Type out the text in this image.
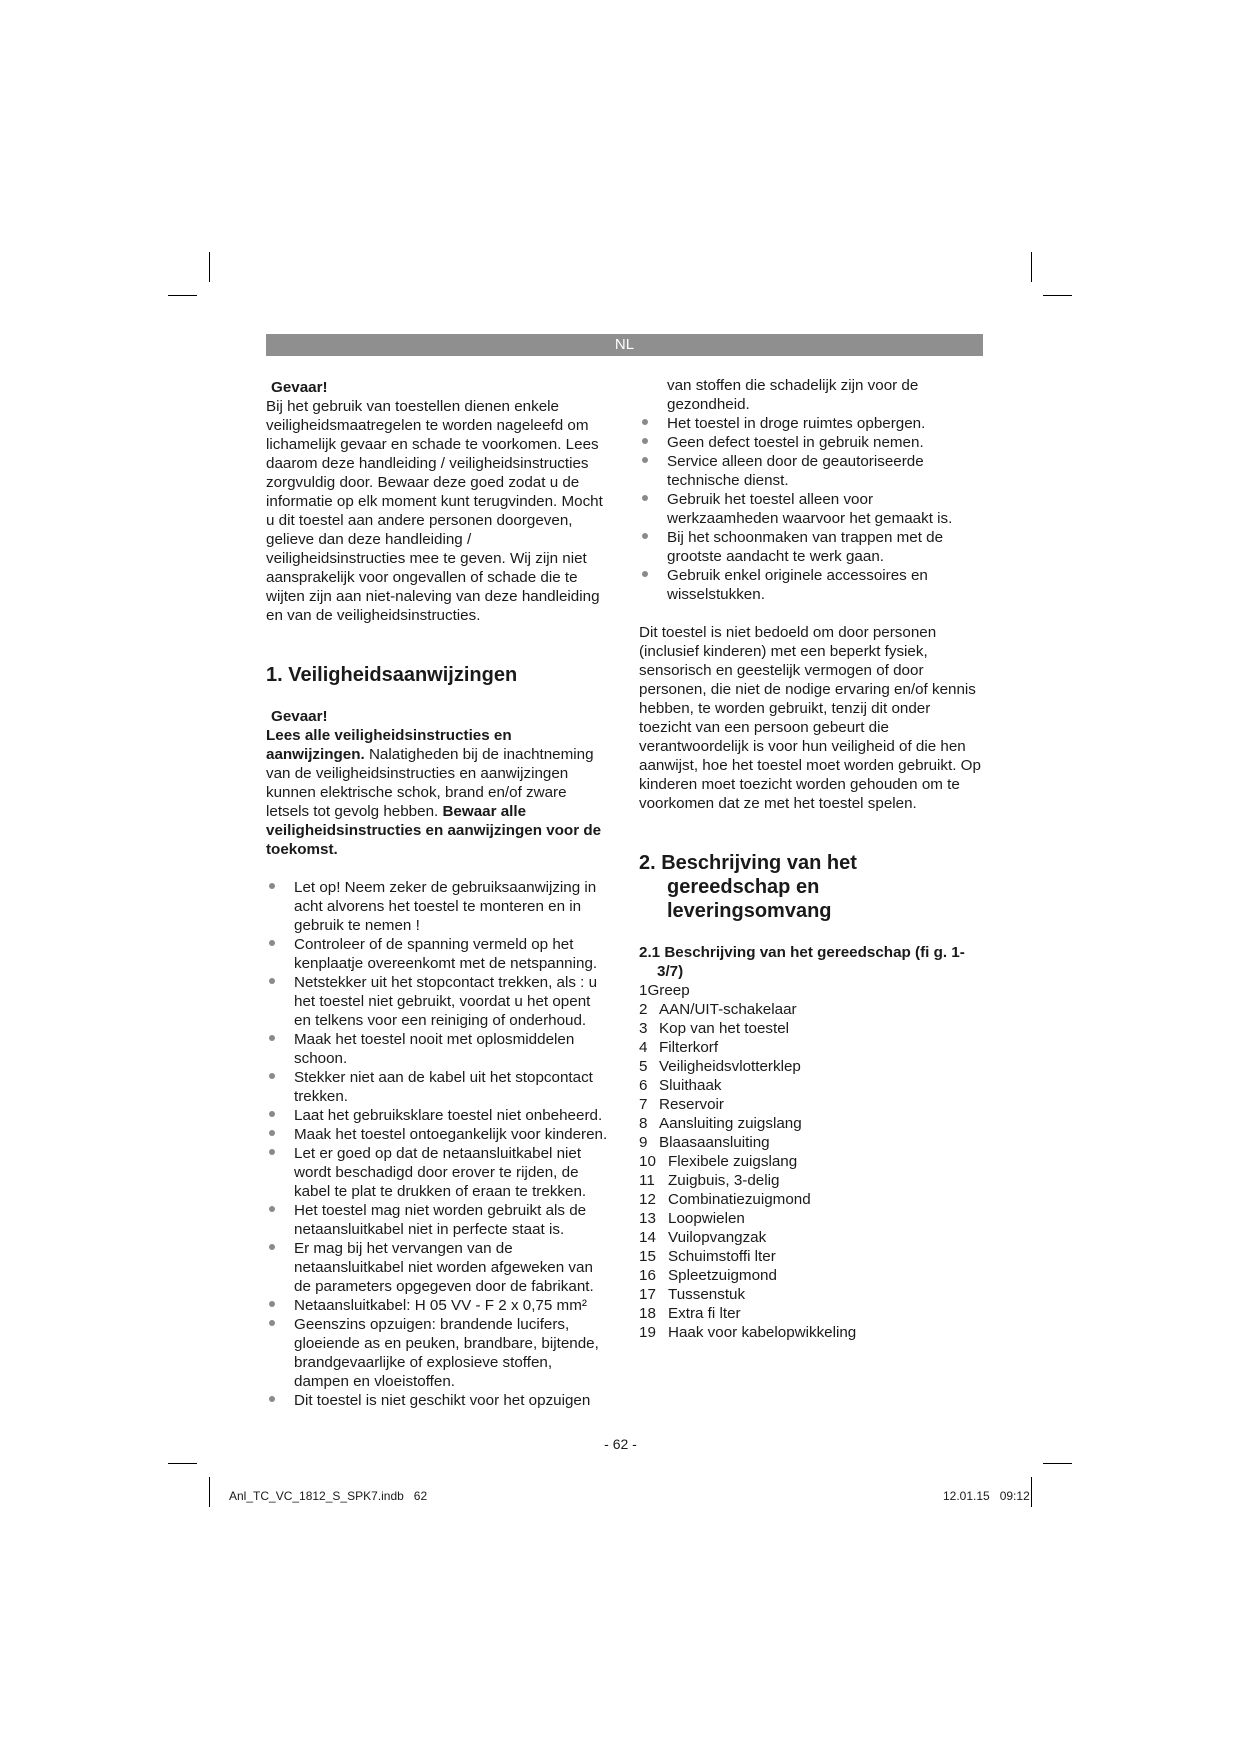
NL

Gevaar!

Bij het gebruik van toestellen dienen enkele veiligheidsmaatregelen te worden nageleefd om lichamelijk gevaar en schade te voorkomen. Lees daarom deze handleiding / veiligheidsinstructies zorgvuldig door. Bewaar deze goed zodat u de informatie op elk moment kunt terugvinden. Mocht u dit toestel aan andere personen doorgeven, gelieve dan deze handleiding / veiligheidsinstructies mee te geven. Wij zijn niet aansprakelijk voor ongevallen of schade die te wijten zijn aan niet-naleving van deze handleiding en van de veiligheidsinstructies.

1. Veiligheidsaanwijzingen

Gevaar!

Lees alle veiligheidsinstructies en aanwijzingen. Nalatigheden bij de inachtneming van de veiligheidsinstructies en aanwijzingen kunnen elektrische schok, brand en/of zware letsels tot gevolg hebben. Bewaar alle veiligheidsinstructies en aanwijzingen voor de toekomst.

Let op! Neem zeker de gebruiksaanwijzing in acht alvorens het toestel te monteren en in gebruik te nemen !
Controleer of de spanning vermeld op het kenplaatje overeenkomt met de netspanning.
Netstekker uit het stopcontact trekken, als : u het toestel niet gebruikt, voordat u het opent en telkens voor een reiniging of onderhoud.
Maak het toestel nooit met oplosmiddelen schoon.
Stekker niet aan de kabel uit het stopcontact trekken.
Laat het gebruiksklare toestel niet onbeheerd.
Maak het toestel ontoegankelijk voor kinderen.
Let er goed op dat de netaansluitkabel niet wordt beschadigd door erover te rijden, de kabel te plat te drukken of eraan te trekken.
Het toestel mag niet worden gebruikt als de netaansluitkabel niet in perfecte staat is.
Er mag bij het vervangen van de netaansluitkabel niet worden afgeweken van de parameters opgegeven door de fabrikant.
Netaansluitkabel: H 05 VV - F 2 x 0,75 mm²
Geenszins opzuigen: brandende lucifers, gloeiende as en peuken, brandbare, bijtende, brandgevaarlijke of explosieve stoffen, dampen en vloeistoffen.
Dit toestel is niet geschikt voor het opzuigen
van stoffen die schadelijk zijn voor de gezondheid.
Het toestel in droge ruimtes opbergen.
Geen defect toestel in gebruik nemen.
Service alleen door de geautoriseerde technische dienst.
Gebruik het toestel alleen voor werkzaamheden waarvoor het gemaakt is.
Bij het schoonmaken van trappen met de grootste aandacht te werk gaan.
Gebruik enkel originele accessoires en wisselstukken.

Dit toestel is niet bedoeld om door personen (inclusief kinderen) met een beperkt fysiek, sensorisch en geestelijk vermogen of door personen, die niet de nodige ervaring en/of kennis hebben, te worden gebruikt, tenzij dit onder toezicht van een persoon gebeurt die verantwoordelijk is voor hun veiligheid of die hen aanwijst, hoe het toestel moet worden gebruikt. Op kinderen moet toezicht worden gehouden om te voorkomen dat ze met het toestel spelen.

2. Beschrijving van het gereedschap en leveringsomvang
2.1 Beschrijving van het gereedschap (fi g. 1-3/7)
1 Greep
2 AAN/UIT-schakelaar
3 Kop van het toestel
4 Filterkorf
5 Veiligheidsvlotterklep
6 Sluithaak
7 Reservoir
8 Aansluiting zuigslang
9 Blaasaansluiting
10 Flexibele zuigslang
11 Zuigbuis, 3-delig
12 Combinatiezuigmond
13 Loopwielen
14 Vuilopvangzak
15 Schuimstoffi lter
16 Spleetzuigmond
17 Tussenstuk
18 Extra fi lter
19 Haak voor kabelopwikkeling
- 62 -
Anl_TC_VC_1812_S_SPK7.indb   62	12.01.15   09:12
